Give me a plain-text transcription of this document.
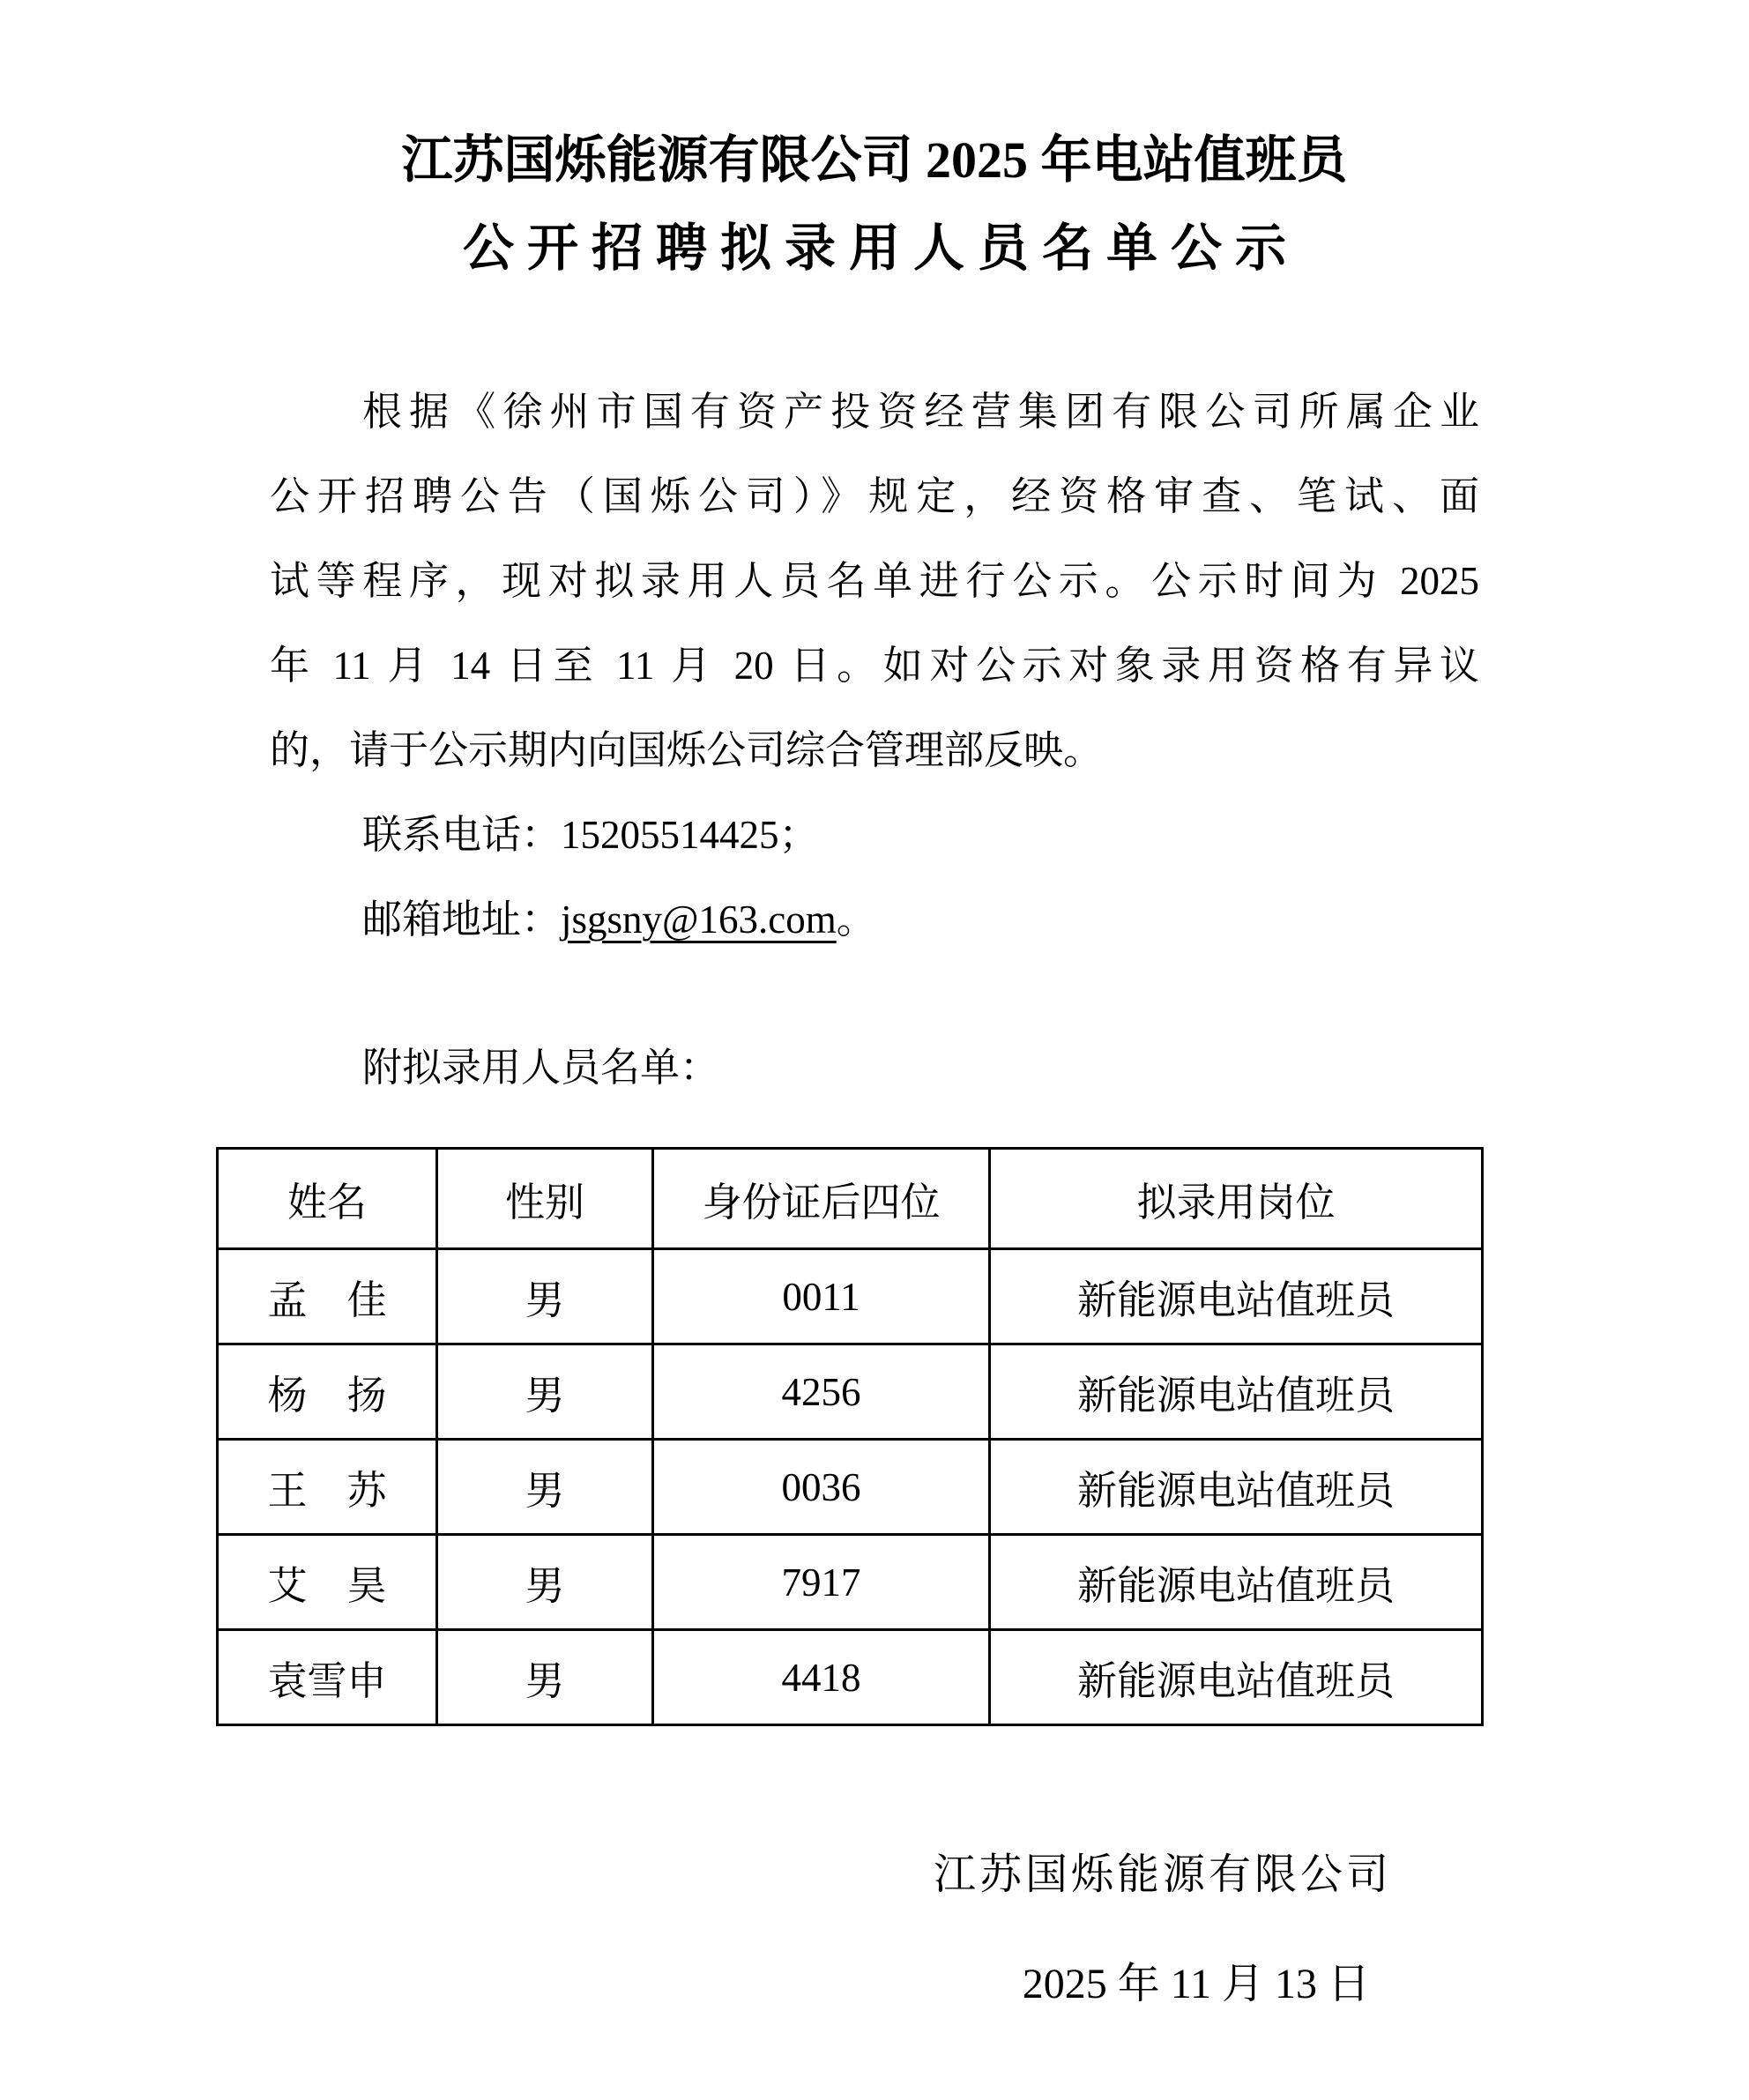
江苏国烁能源有限公司 2025 年电站值班员
公开招聘拟录用人员名单公示
根据《徐州市国有资产投资经营集团有限公司所属企业
公开招聘公告（国烁公司）》规定，经资格审查、笔试、面
试等程序，现对拟录用人员名单进行公示。公示时间为 2025
年 11 月 14 日至 11 月 20 日。如对公示对象录用资格有异议
的，请于公示期内向国烁公司综合管理部反映。
联系电话：15205514425；
邮箱地址：jsgsny@163.com。
附拟录用人员名单：
姓名	性别	身份证后四位	拟录用岗位
孟　佳	男	0011	新能源电站值班员
杨　扬	男	4256	新能源电站值班员
王　苏	男	0036	新能源电站值班员
艾　昊	男	7917	新能源电站值班员
袁雪申	男	4418	新能源电站值班员
江苏国烁能源有限公司
2025 年 11 月 13 日
